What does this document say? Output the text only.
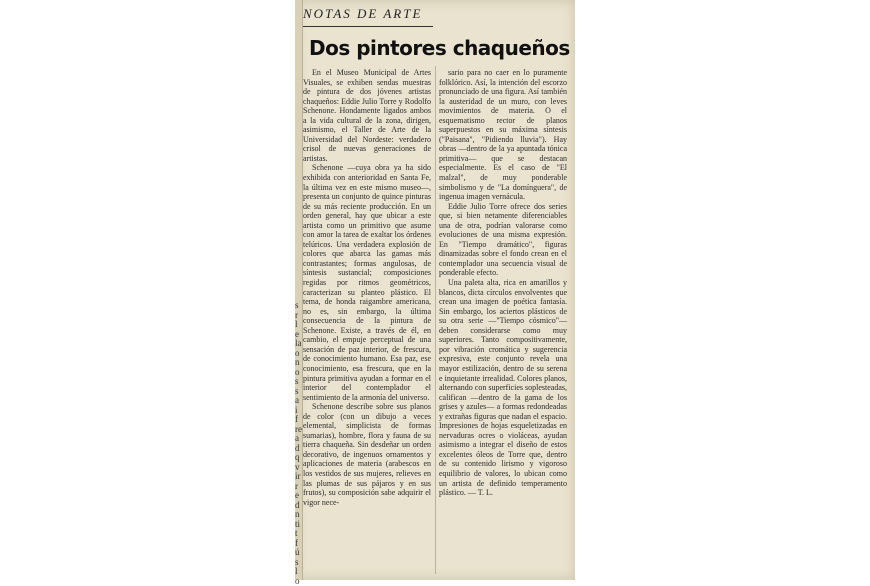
s
r
l
e
la
o
n
o
s
s
a
i
f
re
a
d
q
v
ir
r
e
d
n
ti
t
f
ú
s
l
o
NOTAS DE ARTE
Dos pintores chaqueños

En el Museo Municipal de Artes Visuales, se exhiben sendas muestras de pintura de dos jóvenes artistas chaqueños: Eddie Julio Torre y Rodolfo Schenone. Hondamente ligados ambos a la vida cultural de la zona, dirigen, asimismo, el Taller de Arte de la Universidad del Nordeste: verdadero crisol de nuevas generaciones de artistas.

Schenone —cuya obra ya ha sido exhibida con anterioridad en Santa Fe, la última vez en este mismo museo—, presenta un conjunto de quince pinturas de su más reciente producción. En un orden general, hay que ubicar a este artista como un primitivo que asume con amor la tarea de exaltar los órdenes telúricos. Una verdadera explosión de colores que abarca las gamas más contrastantes; formas angulosas, de síntesis sustancial; composiciones regidas por ritmos geométricos, caracterizan su planteo plástico. El tema, de honda raigambre americana, no es, sin embargo, la última consecuencia de la pintura de Schenone. Existe, a través de él, en cambio, el empuje perceptual de una sensación de paz interior, de frescura, de conocimiento humano. Esa paz, ese conocimiento, esa frescura, que en la pintura primitiva ayudan a formar en el interior del contemplador el sentimiento de la armonía del universo.

Schenone describe sobre sus planos de color (con un dibujo a veces elemental, simplicista de formas sumarias), hombre, flora y fauna de su tierra chaqueña. Sin desdeñar un orden decorativo, de ingenuos ornamentos y aplicaciones de materia (arabescos en los vestidos de sus mujeres, relieves en las plumas de sus pájaros y en sus frutos), su composición sabe adquirir el vigor nece-

sario para no caer en lo puramente folklórico. Así, la intención del escorzo pronunciado de una figura. Así también la austeridad de un muro, con leves movimientos de materia. O el esquematismo rector de planos superpuestos en su máxima síntesis ("Paisana", "Pidiendo lluvia"). Hay obras —dentro de la ya apuntada tónica primitiva— que se destacan especialmente. Es el caso de "El malzal", de muy ponderable simbolismo y de "La domínguera", de ingenua imagen vernácula.

Eddie Julio Torre ofrece dos series que, si bien netamente diferenciables una de otra, podrían valorarse como evoluciones de una misma expresión. En "Tiempo dramático", figuras dinamizadas sobre el fondo crean en el contemplador una secuencia visual de ponderable efecto.

Una paleta alta, rica en amarillos y blancos, dicta círculos envolventes que crean una imagen de poética fantasía. Sin embargo, los aciertos plásticos de su otra serie —"Tiempo cósmico"— deben considerarse como muy superiores. Tanto compositivamente, por vibración cromática y sugerencia expresiva, este conjunto revela una mayor estilización, dentro de su serena e inquietante irrealidad. Colores planos, alternando con superficies soplesteadas, califican —dentro de la gama de los grises y azules— a formas redondeadas y extrañas figuras que nadan el espacio. Impresiones de hojas esqueletizadas en nervaduras ocres o violáceas, ayudan asimismo a integrar el diseño de estos excelentes óleos de Torre que, dentro de su contenido lirismo y vigoroso equilibrio de valores, lo ubican como un artista de definido temperamento plástico. — T. L.
